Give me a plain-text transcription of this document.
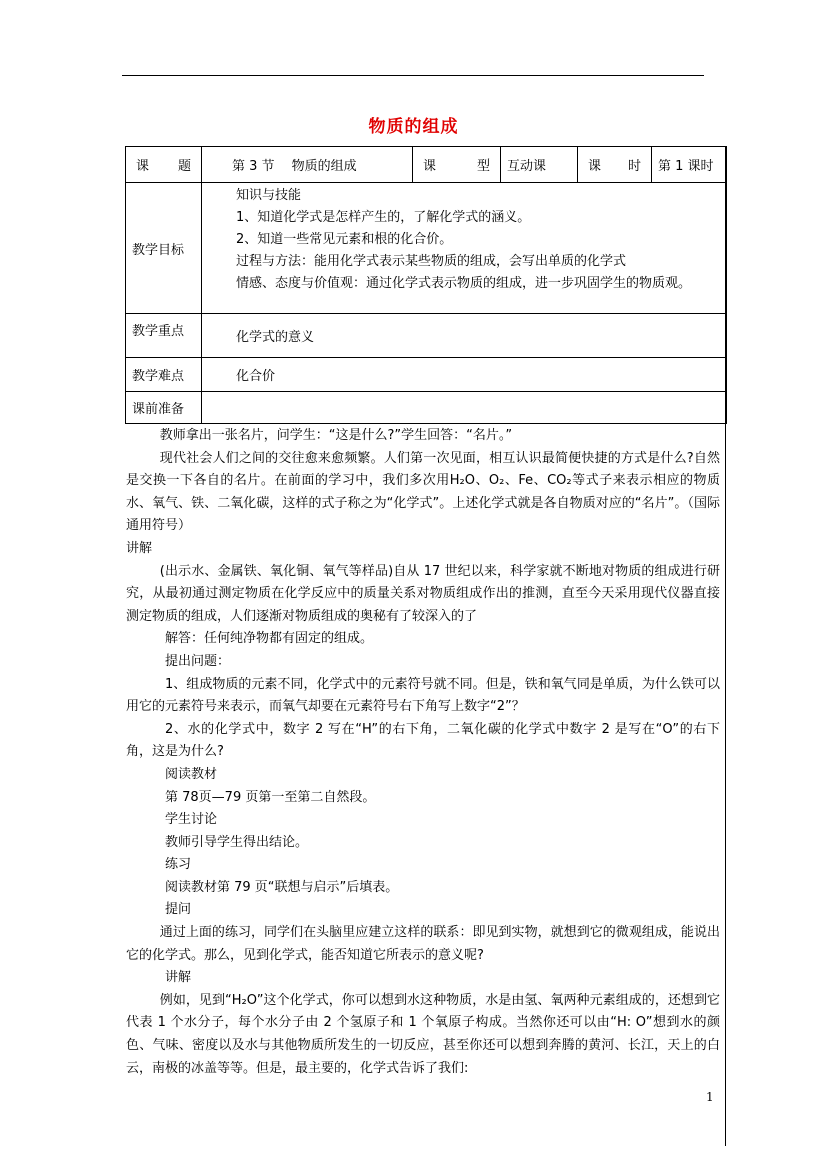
物质的组成
课　　题	第 3 节　 物质的组成	课　　型	互动课	课　　时	第 1 课时
教学目标	知识与技能
1、知道化学式是怎样产生的，了解化学式的涵义。
2、知道一些常见元素和根的化合价。
过程与方法：能用化学式表示某些物质的组成，会写出单质的化学式
情感、态度与价值观：通过化学式表示物质的组成，进一步巩固学生的物质观。				

教学重点	化学式的意义				
教学难点	化合价				
课前准备					

教师拿出一张名片，问学生：“这是什么?”学生回答：“名片。”

现代社会人们之间的交往愈来愈频繁。人们第一次见面，相互认识最简便快捷的方式是什么?自然是交换一下各自的名片。在前面的学习中，我们多次用H₂O、O₂、Fe、CO₂等式子来表示相应的物质水、氧气、铁、二氧化碳，这样的式子称之为“化学式”。上述化学式就是各自物质对应的“名片”。（国际通用符号）

讲解

(出示水、金属铁、氧化铜、氧气等样品)自从 17 世纪以来，科学家就不断地对物质的组成进行研究，从最初通过测定物质在化学反应中的质量关系对物质组成作出的推测，直至今天采用现代仪器直接测定物质的组成，人们逐渐对物质组成的奥秘有了较深入的了

解答：任何纯净物都有固定的组成。

提出问题：

1、组成物质的元素不同，化学式中的元素符号就不同。但是，铁和氧气同是单质，为什么铁可以用它的元素符号来表示，而氧气却要在元素符号右下角写上数字“2”？

2、水的化学式中，数字 2 写在“H”的右下角，二氧化碳的化学式中数字 2 是写在“O”的右下角，这是为什么?

阅读教材

第 78页—79 页第一至第二自然段。

学生讨论

教师引导学生得出结论。

练习

阅读教材第 79 页“联想与启示”后填表。

提问

通过上面的练习，同学们在头脑里应建立这样的联系：即见到实物，就想到它的微观组成，能说出它的化学式。那么，见到化学式，能否知道它所表示的意义呢?

讲解

例如，见到“H₂O”这个化学式，你可以想到水这种物质，水是由氢、氧两种元素组成的，还想到它代表 1 个水分子，每个水分子由 2 个氢原子和 1 个氧原子构成。当然你还可以由“H: O”想到水的颜色、气味、密度以及水与其他物质所发生的一切反应，甚至你还可以想到奔腾的黄河、长江，天上的白云，南极的冰盖等等。但是，最主要的，化学式告诉了我们:

1
